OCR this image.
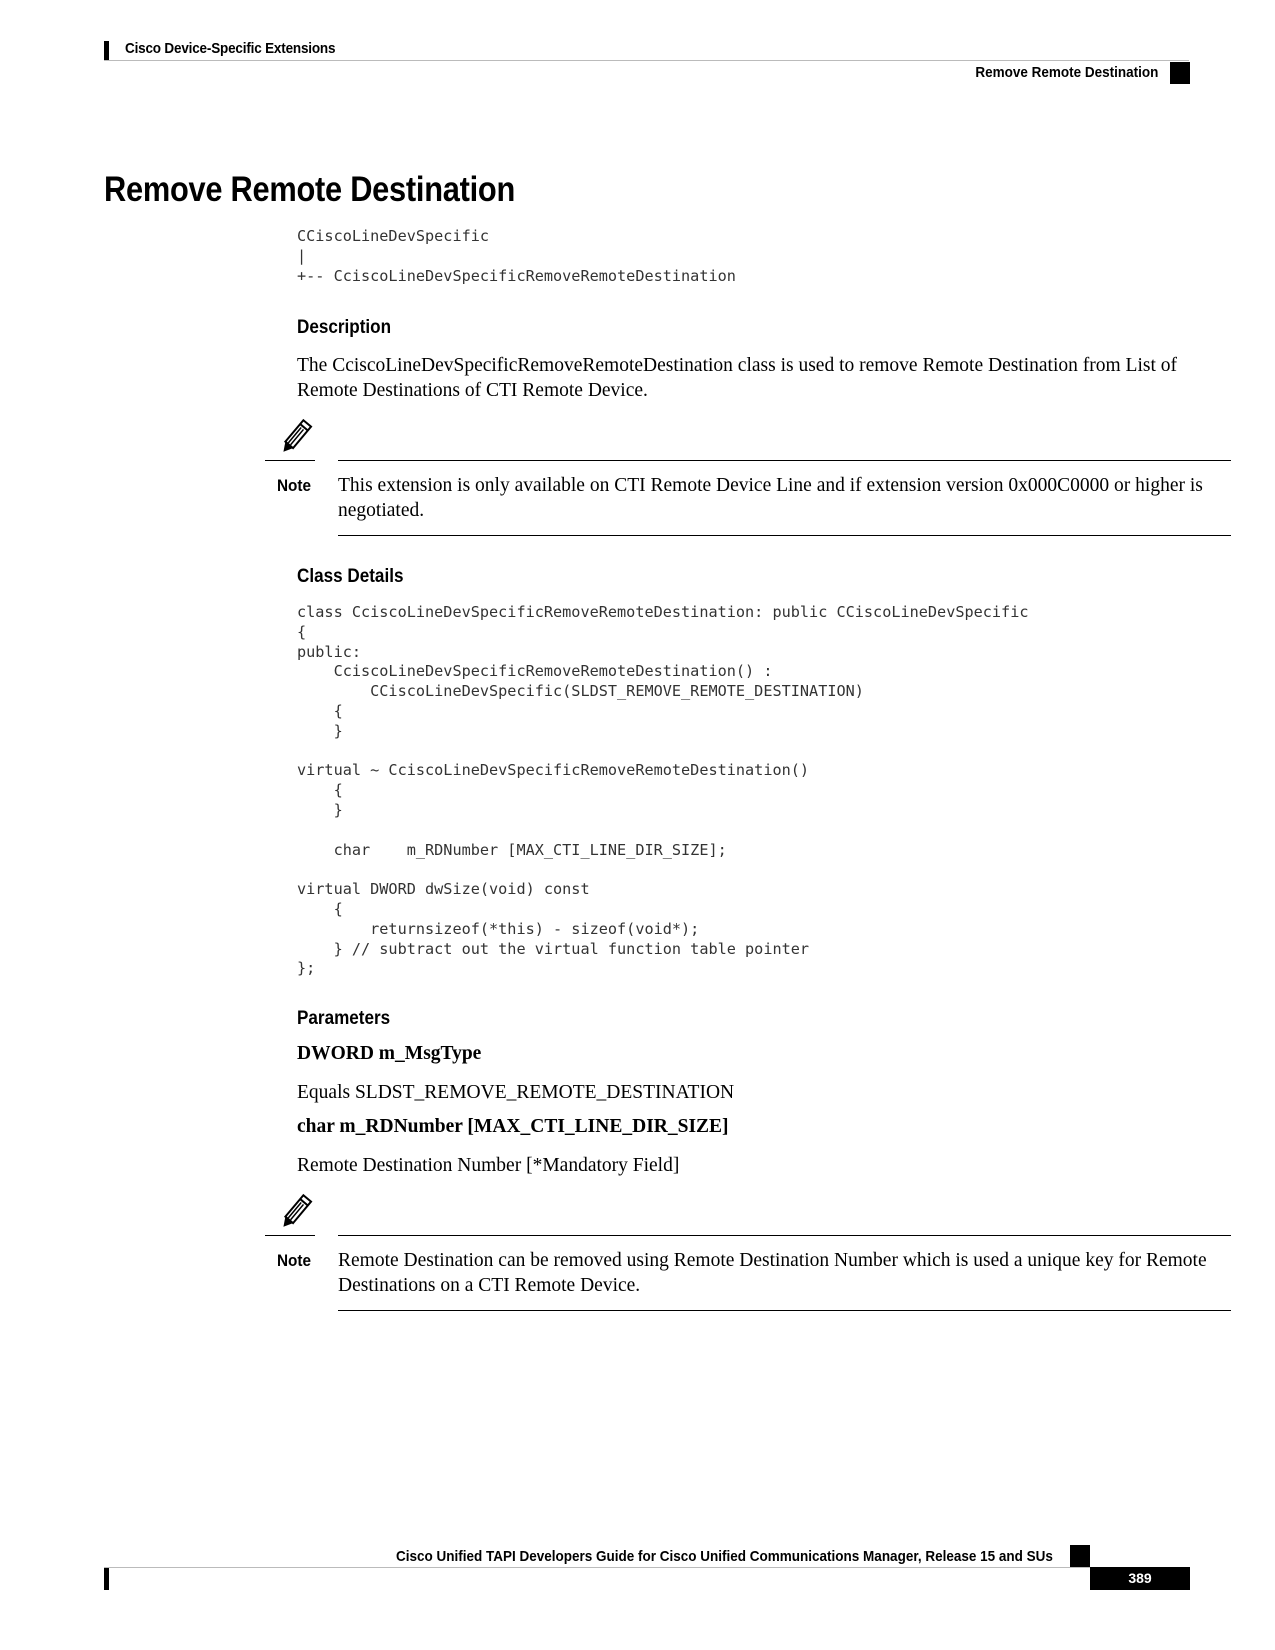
Cisco Device-Specific Extensions
Remove Remote Destination
Remove Remote Destination
CCiscoLineDevSpecific
|
+-- CciscoLineDevSpecificRemoveRemoteDestination
Description

The CciscoLineDevSpecificRemoveRemoteDestination class is used to remove Remote Destination from List of Remote Destinations of CTI Remote Device.

Note This extension is only available on CTI Remote Device Line and if extension version 0x000C0000 or higher is negotiated.

Class Details
class CciscoLineDevSpecificRemoveRemoteDestination: public CCiscoLineDevSpecific
{
public:
CciscoLineDevSpecificRemoveRemoteDestination() :
CCiscoLineDevSpecific(SLDST_REMOVE_REMOTE_DESTINATION)
{
}

virtual ~ CciscoLineDevSpecificRemoveRemoteDestination()
{
}

char    m_RDNumber [MAX_CTI_LINE_DIR_SIZE];

virtual DWORD dwSize(void) const
{
returnsizeof(*this) - sizeof(void*);
} // subtract out the virtual function table pointer
};
Parameters

DWORD m_MsgType

Equals SLDST_REMOVE_REMOTE_DESTINATION

char m_RDNumber [MAX_CTI_LINE_DIR_SIZE]

Remote Destination Number [*Mandatory Field]

Note Remote Destination can be removed using Remote Destination Number which is used a unique key for Remote Destinations on a CTI Remote Device.

Cisco Unified TAPI Developers Guide for Cisco Unified Communications Manager, Release 15 and SUs
389
